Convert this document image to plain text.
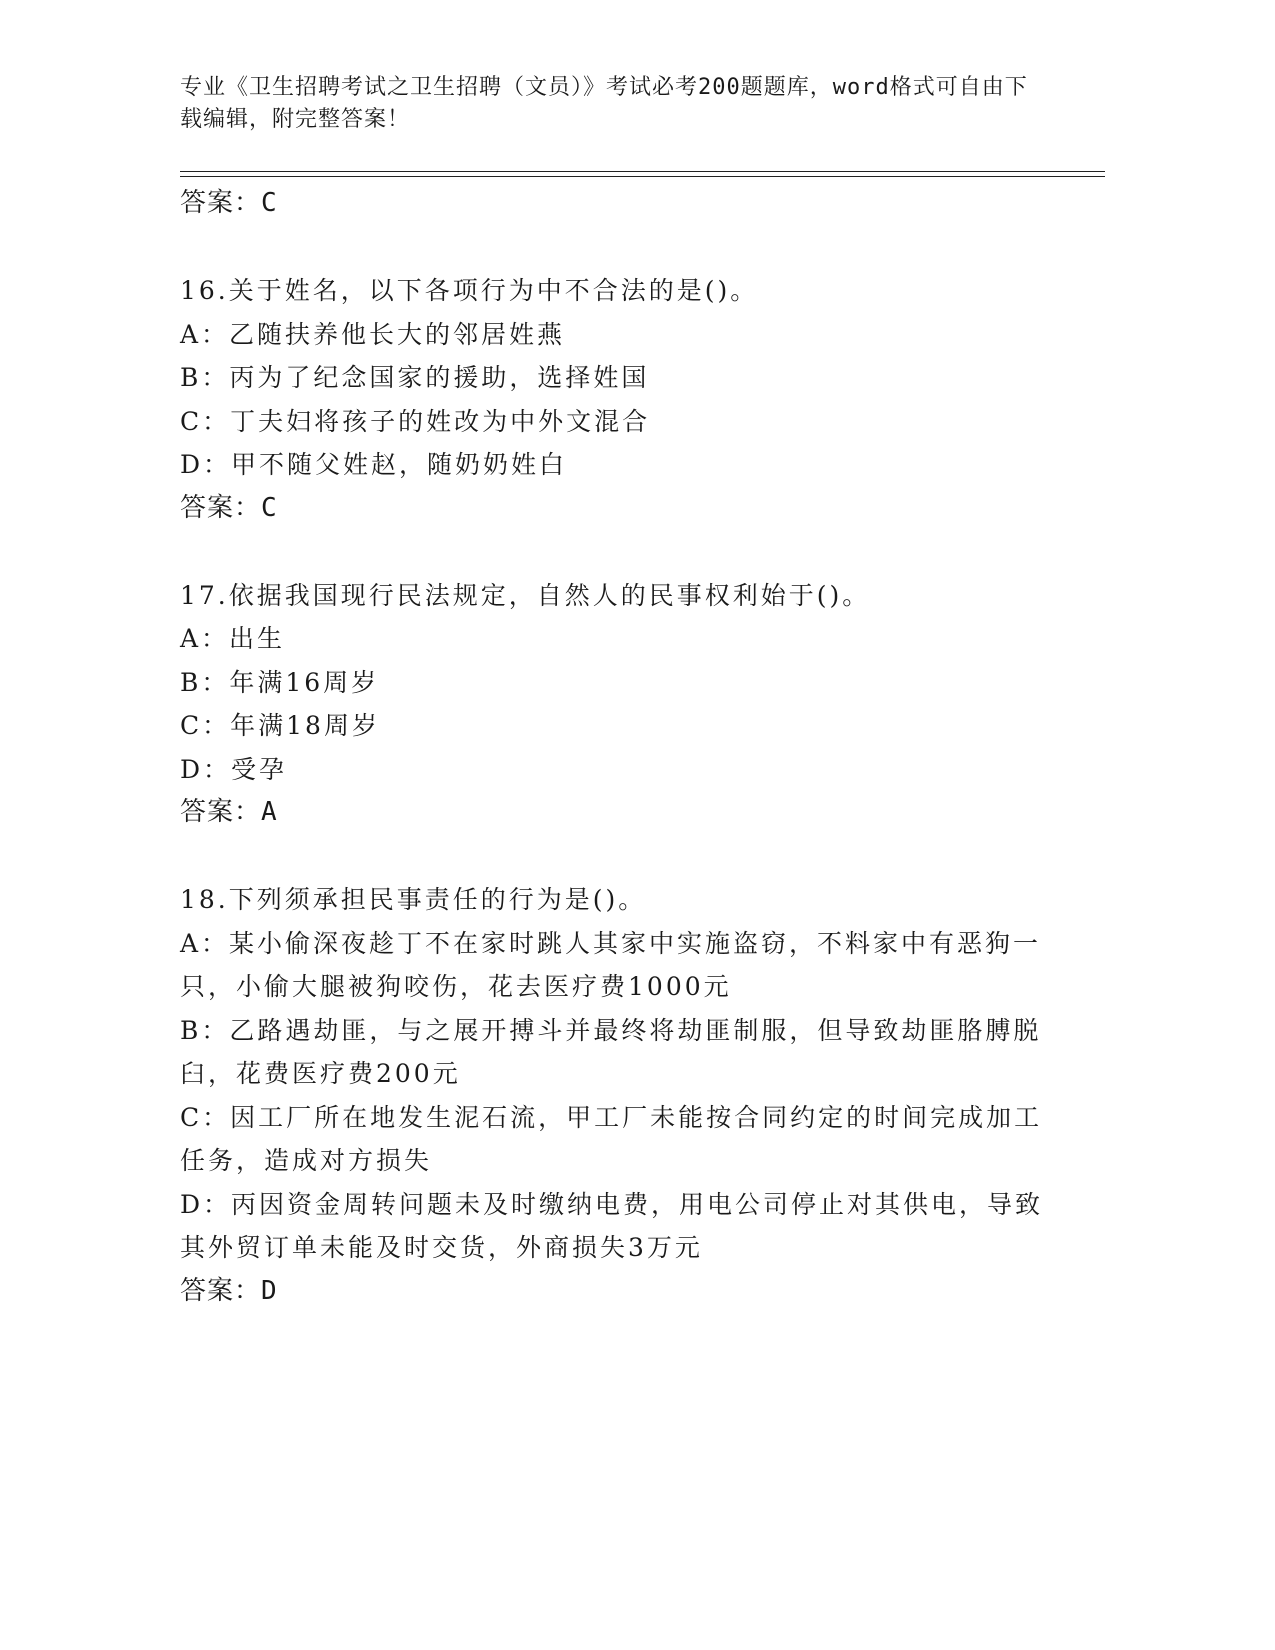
专业《卫生招聘考试之卫生招聘（文员）》考试必考200题题库，word格式可自由下载编辑，附完整答案！
答案：C
16.关于姓名，以下各项行为中不合法的是()。
A：乙随扶养他长大的邻居姓燕
B：丙为了纪念国家的援助，选择姓国
C：丁夫妇将孩子的姓改为中外文混合
D：甲不随父姓赵，随奶奶姓白
答案：C
17.依据我国现行民法规定，自然人的民事权利始于()。
A：出生
B：年满16周岁
C：年满18周岁
D：受孕
答案：A
18.下列须承担民事责任的行为是()。
A：某小偷深夜趁丁不在家时跳人其家中实施盗窃，不料家中有恶狗一只，小偷大腿被狗咬伤，花去医疗费1000元
B：乙路遇劫匪，与之展开搏斗并最终将劫匪制服，但导致劫匪胳膊脱臼，花费医疗费200元
C：因工厂所在地发生泥石流，甲工厂未能按合同约定的时间完成加工任务，造成对方损失
D：丙因资金周转问题未及时缴纳电费，用电公司停止对其供电，导致其外贸订单未能及时交货，外商损失3万元
答案：D
